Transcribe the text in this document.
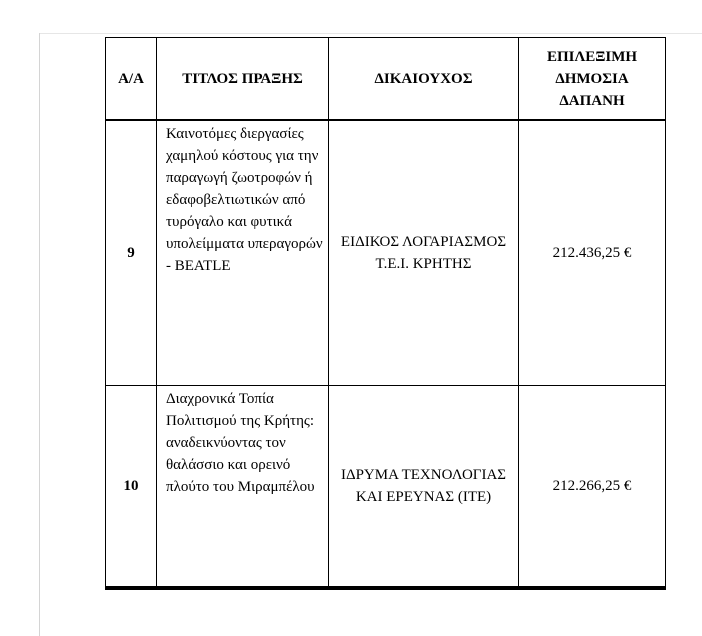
Α/Α	ΤΙΤΛΟΣ ΠΡΑΞΗΣ	ΔΙΚΑΙΟΥΧΟΣ	ΕΠΙΛΕΞΙΜΗ ΔΗΜΟΣΙΑ ΔΑΠΑΝΗ
9	Καινοτόμες διεργασίες χαμηλού κόστους για την παραγωγή ζωοτροφών ή εδαφοβελτιωτικών από τυρόγαλο και φυτικά υπολείμματα υπεραγορών - BEATLE	ΕΙΔΙΚΟΣ ΛΟΓΑΡΙΑΣΜΟΣ Τ.Ε.Ι. ΚΡΗΤΗΣ	212.436,25 €
10	Διαχρονικά Τοπία Πολιτισμού της Κρήτης: αναδεικνύοντας τον θαλάσσιο και ορεινό πλούτο του Μιραμπέλου	ΙΔΡΥΜΑ ΤΕΧΝΟΛΟΓΙΑΣ ΚΑΙ ΕΡΕΥΝΑΣ (ΙΤΕ)	212.266,25 €
